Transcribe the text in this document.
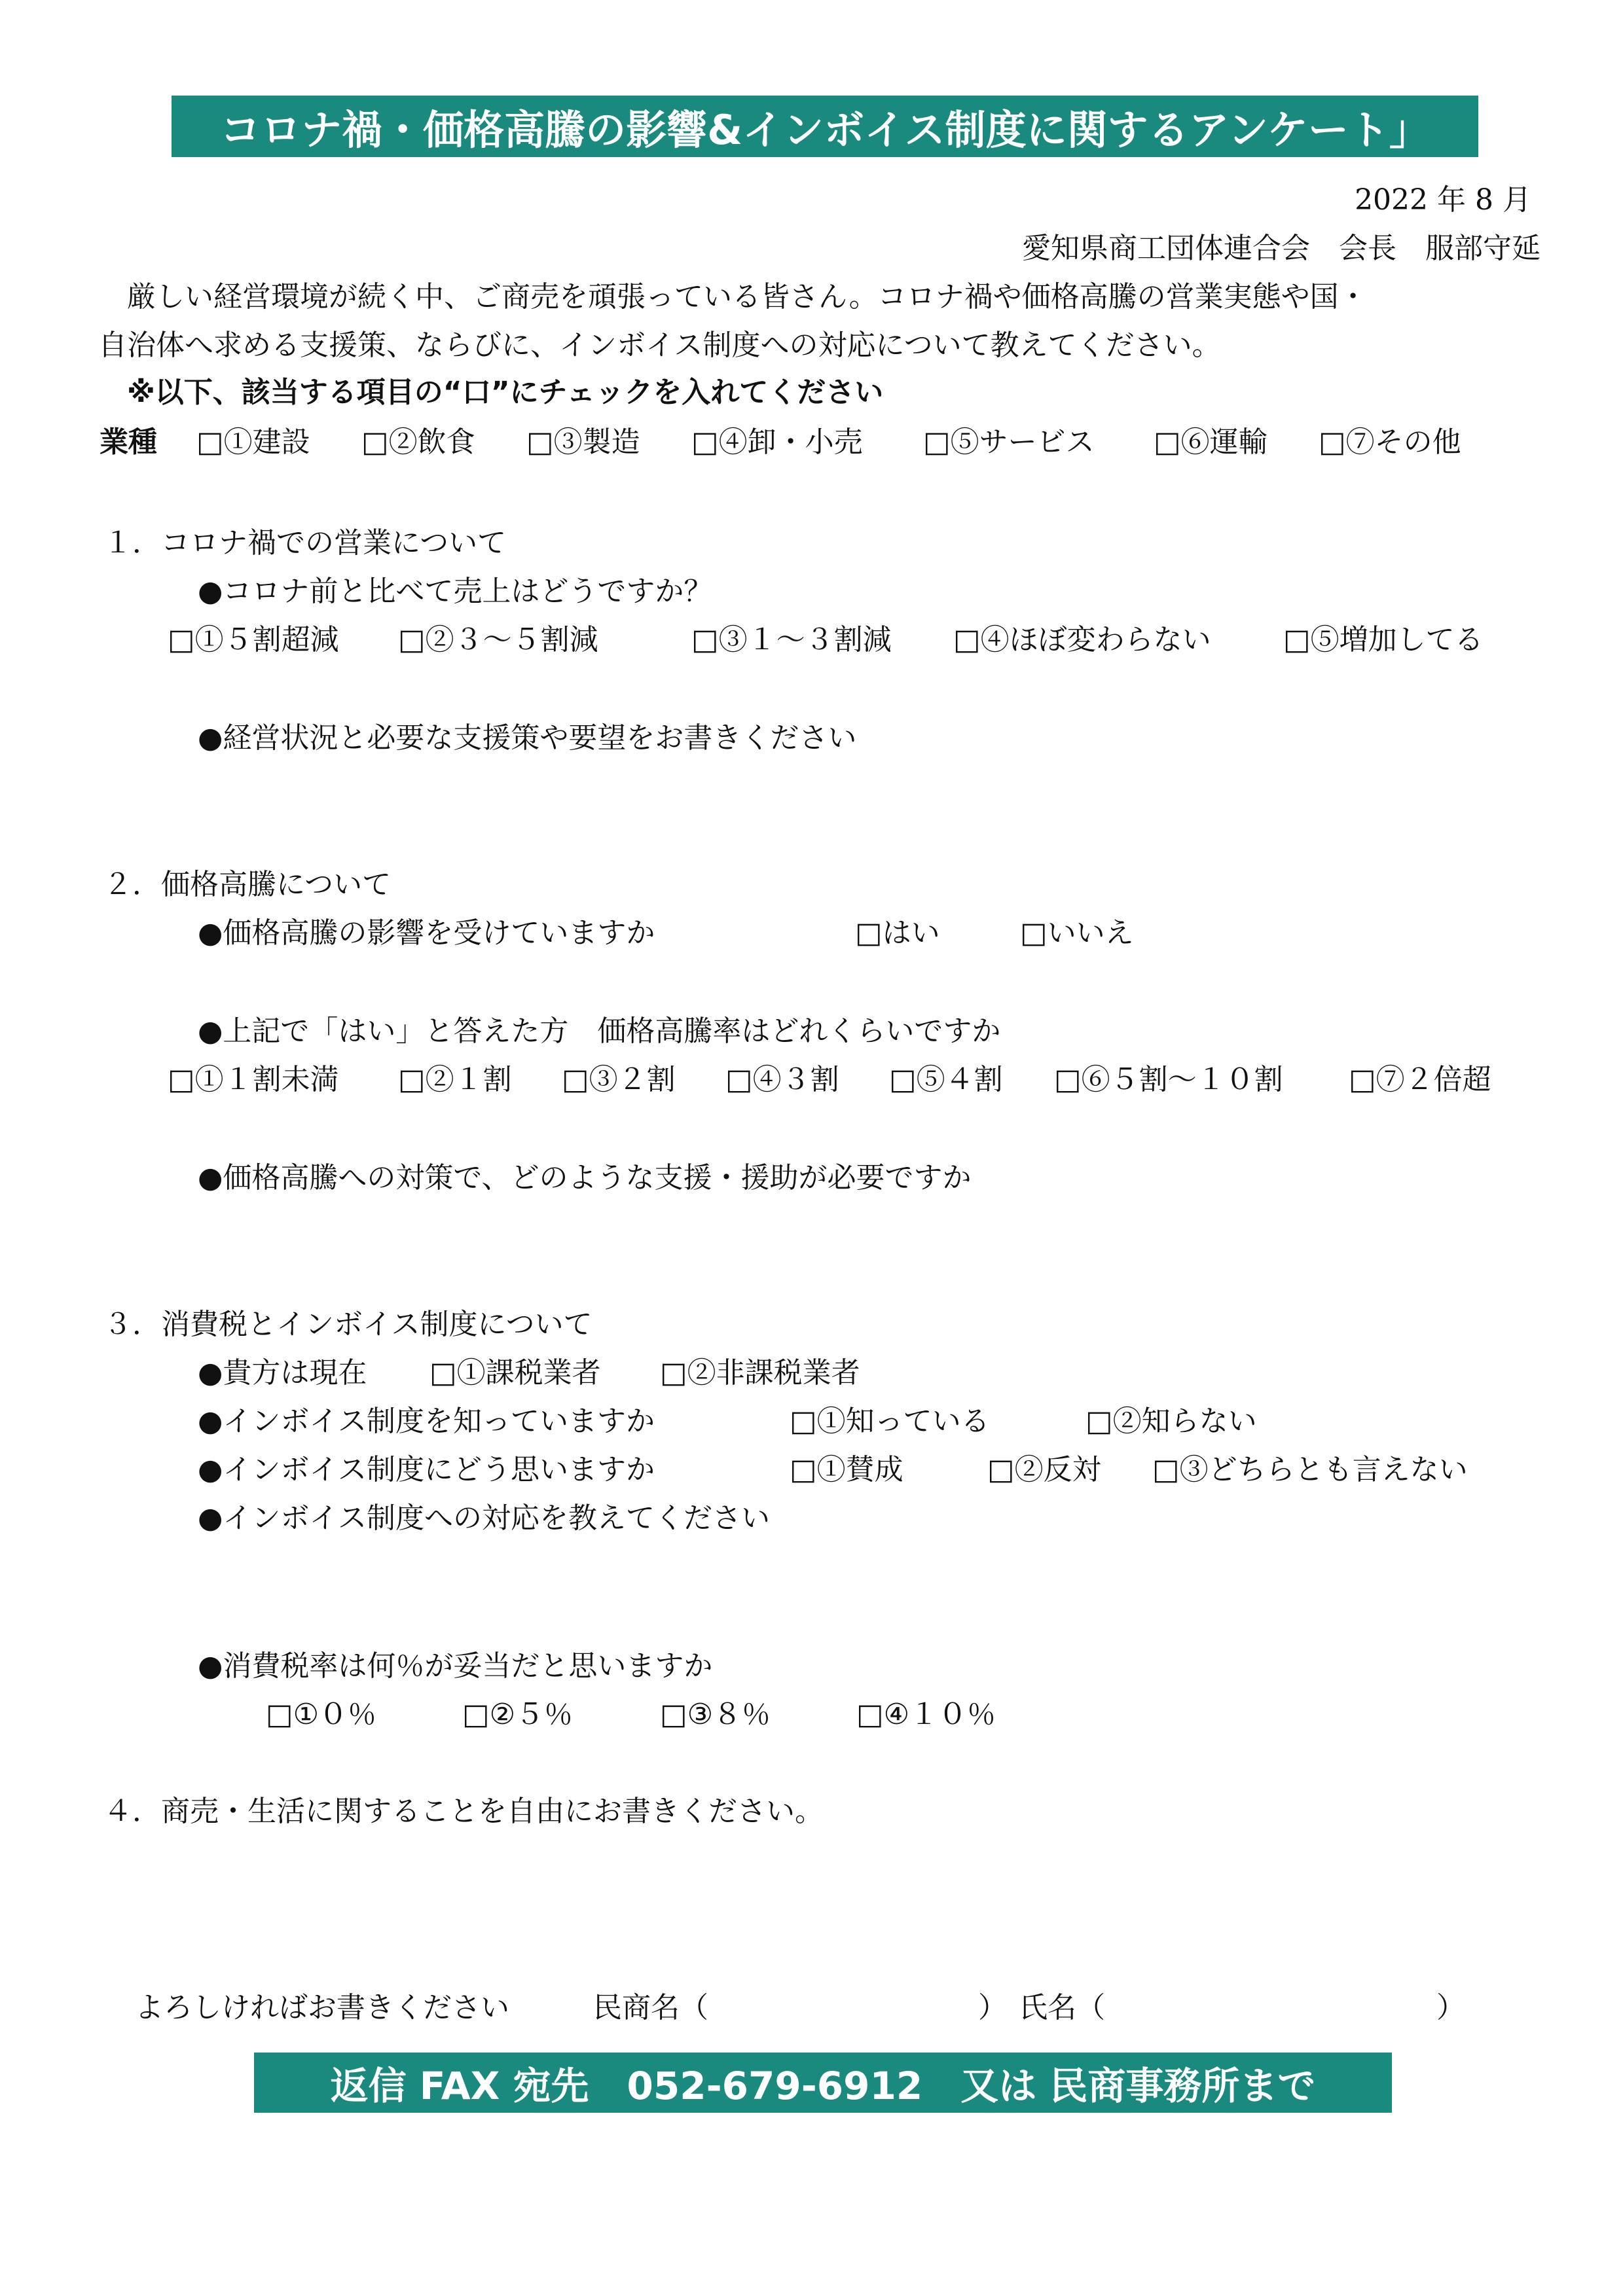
コロナ禍・価格高騰の影響&インボイス制度に関するアンケート」
2022 年 8 月
愛知県商工団体連合会　会長　服部守延
　厳しい経営環境が続く中、ご商売を頑張っている皆さん。コロナ禍や価格高騰の営業実態や国・
自治体へ求める支援策、ならびに、インボイス制度への対応について教えてください。
　※以下、該当する項目の“口”にチェックを入れてください
業種 □①建設 □②飲食 □③製造 □④卸・小売 □⑤サービス □⑥運輸 □⑦その他
１．コロナ禍での営業について
●コロナ前と比べて売上はどうですか？
□①５割超減 □②３～５割減	□③１～３割減 □④ほぼ変わらない	□⑤増加してる
●経営状況と必要な支援策や要望をお書きください
２．価格高騰について
●価格高騰の影響を受けていますか	□はい	□いいえ
●上記で「はい」と答えた方　価格高騰率はどれくらいですか
□①１割未満 □②１割 □③２割 □④３割 □⑤４割 □⑥５割～１０割 □⑦２倍超
●価格高騰への対策で、どのような支援・援助が必要ですか
３．消費税とインボイス制度について
●貴方は現在 □①課税業者 □②非課税業者
●インボイス制度を知っていますか	□①知っている	□②知らない
●インボイス制度にどう思いますか	□①賛成	□②反対 □③どちらとも言えない
●インボイス制度への対応を教えてください
●消費税率は何％が妥当だと思いますか
□①０％	□②５％	□③８％	□④１０％
４．商売・生活に関することを自由にお書きください。
よろしければお書きください	民商名（	） 氏名（	）
返信 FAX 宛先　052-679-6912　又は 民商事務所まで
